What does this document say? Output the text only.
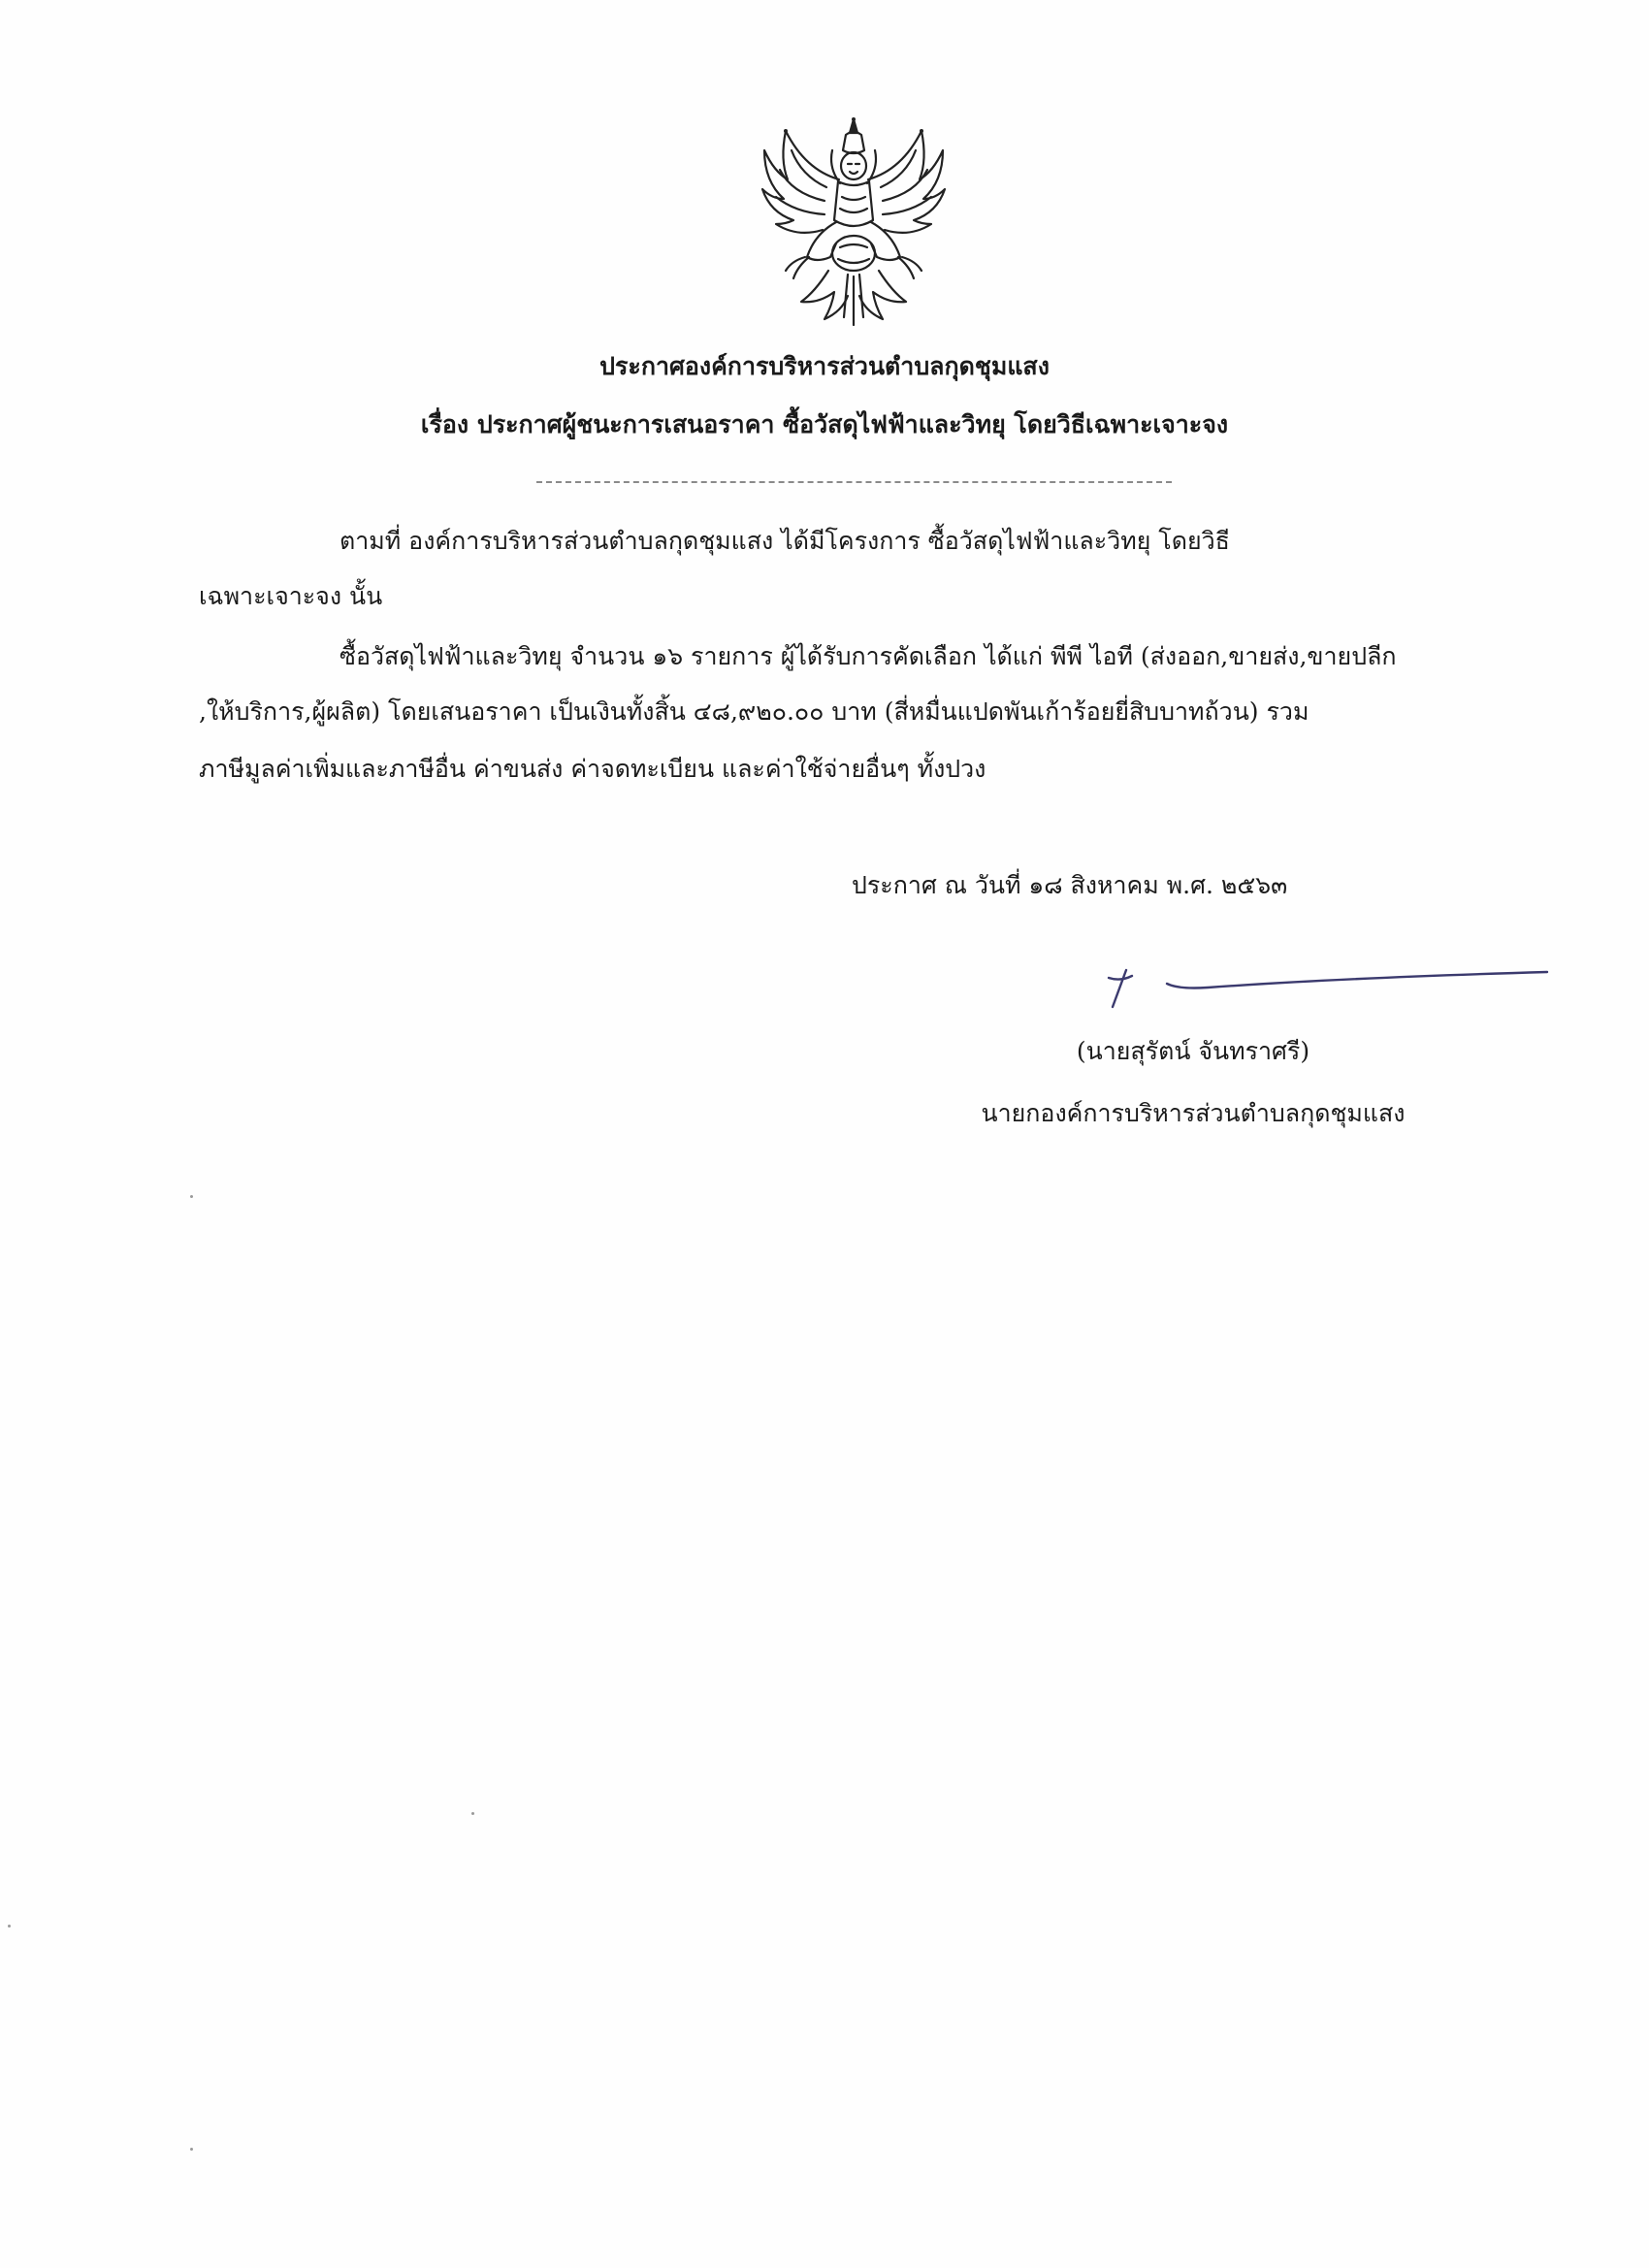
ประกาศองค์การบริหารส่วนตำบลกุดชุมแสง
เรื่อง ประกาศผู้ชนะการเสนอราคา ซื้อวัสดุไฟฟ้าและวิทยุ โดยวิธีเฉพาะเจาะจง
ตามที่ องค์การบริหารส่วนตำบลกุดชุมแสง ได้มีโครงการ ซื้อวัสดุไฟฟ้าและวิทยุ โดยวิธี
เฉพาะเจาะจง นั้น
ซื้อวัสดุไฟฟ้าและวิทยุ จำนวน ๑๖ รายการ ผู้ได้รับการคัดเลือก ได้แก่ พีพี ไอที (ส่งออก,ขายส่ง,ขายปลีก
,ให้บริการ,ผู้ผลิต) โดยเสนอราคา เป็นเงินทั้งสิ้น ๔๘,๙๒๐.๐๐ บาท (สี่หมื่นแปดพันเก้าร้อยยี่สิบบาทถ้วน) รวม
ภาษีมูลค่าเพิ่มและภาษีอื่น ค่าขนส่ง ค่าจดทะเบียน และค่าใช้จ่ายอื่นๆ ทั้งปวง
ประกาศ ณ วันที่ ๑๘ สิงหาคม พ.ศ. ๒๕๖๓
(นายสุรัตน์ จันทราศรี)
นายกองค์การบริหารส่วนตำบลกุดชุมแสง
